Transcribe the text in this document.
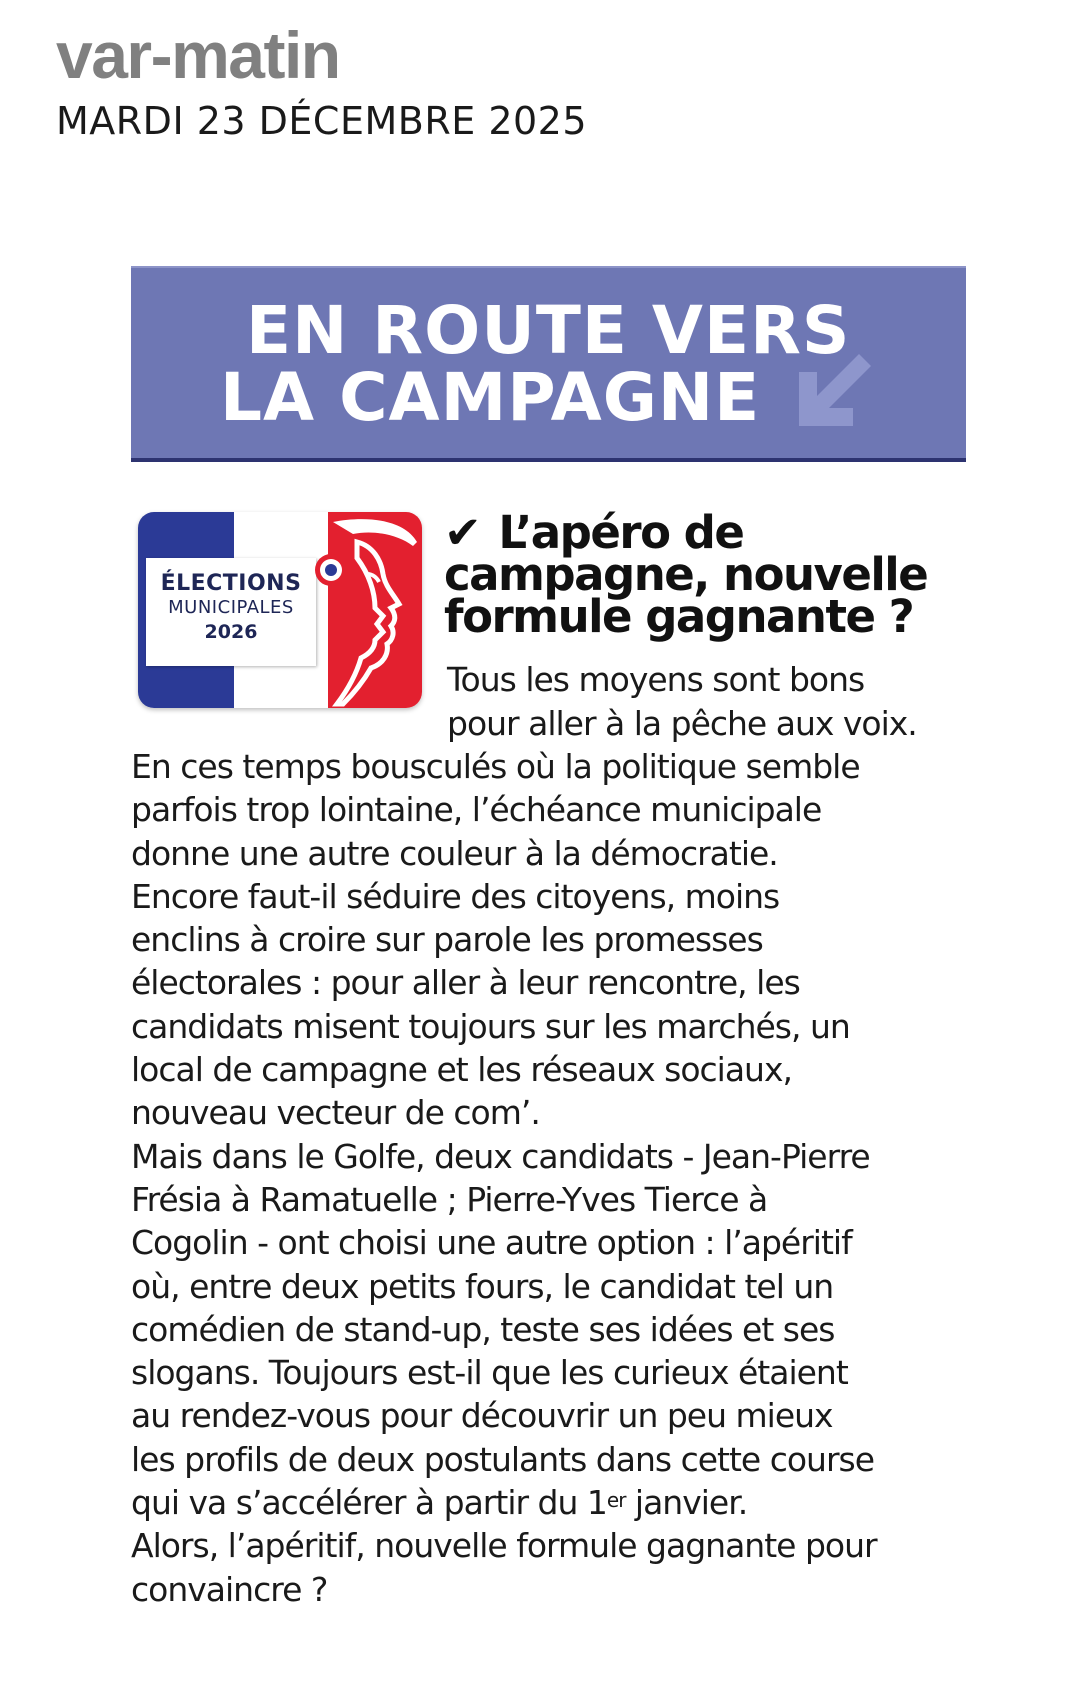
var-matin
MARDI 23 DÉCEMBRE 2025
EN ROUTE VERS
LA CAMPAGNE
ÉLECTIONS
MUNICIPALES
2026
✔ L’apéro de
campagne, nouvelle
formule gagnante ?
Tous les moyens sont bons
pour aller à la pêche aux voix.
En ces temps bousculés où la politique semble
parfois trop lointaine, l’échéance municipale
donne une autre couleur à la démocratie.
Encore faut-il séduire des citoyens, moins
enclins à croire sur parole les promesses
électorales : pour aller à leur rencontre, les
candidats misent toujours sur les marchés, un
local de campagne et les réseaux sociaux,
nouveau vecteur de com’.
Mais dans le Golfe, deux candidats - Jean-Pierre
Frésia à Ramatuelle ; Pierre-Yves Tierce à
Cogolin - ont choisi une autre option : l’apéritif
où, entre deux petits fours, le candidat tel un
comédien de stand-up, teste ses idées et ses
slogans. Toujours est-il que les curieux étaient
au rendez-vous pour découvrir un peu mieux
les profils de deux postulants dans cette course
qui va s’accélérer à partir du 1er janvier.
Alors, l’apéritif, nouvelle formule gagnante pour
convaincre ?
